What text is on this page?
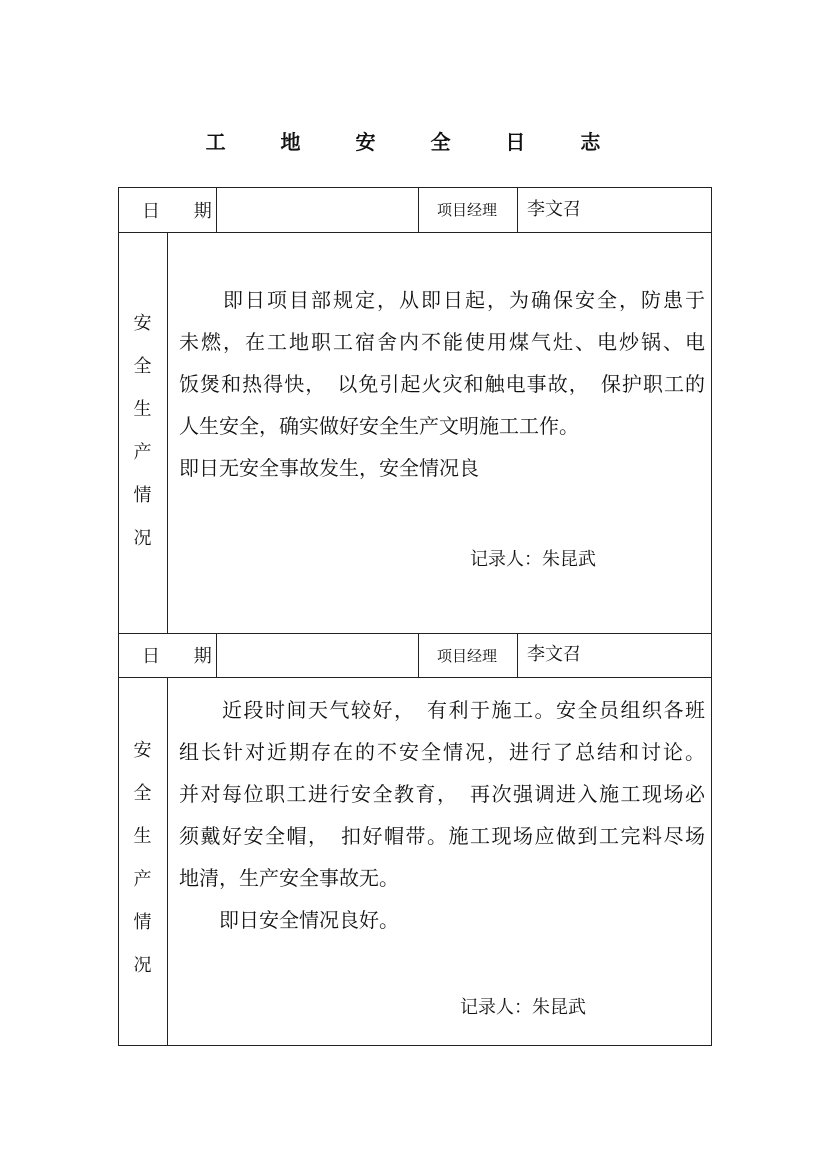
工 地 安 全 日 志
日 期	项目经理 李文召
安
全
生
产
情
况
　　即日项目部规定，从即日起，为确保安全，防患于
未燃，在工地职工宿舍内不能使用煤气灶、电炒锅、电
饭煲和热得快，　以免引起火灾和触电事故，　保护职工的
人生安全，确实做好安全生产文明施工工作。
即日无安全事故发生，安全情况良
记录人：朱昆武
日 期	项目经理 李文召
安
全
生
产
情
况
　　近段时间天气较好，　有利于施工。安全员组织各班
组长针对近期存在的不安全情况，进行了总结和讨论。
并对每位职工进行安全教育，　再次强调进入施工现场必
须戴好安全帽，　扣好帽带。施工现场应做到工完料尽场
地清，生产安全事故无。
　　即日安全情况良好。
记录人：朱昆武
